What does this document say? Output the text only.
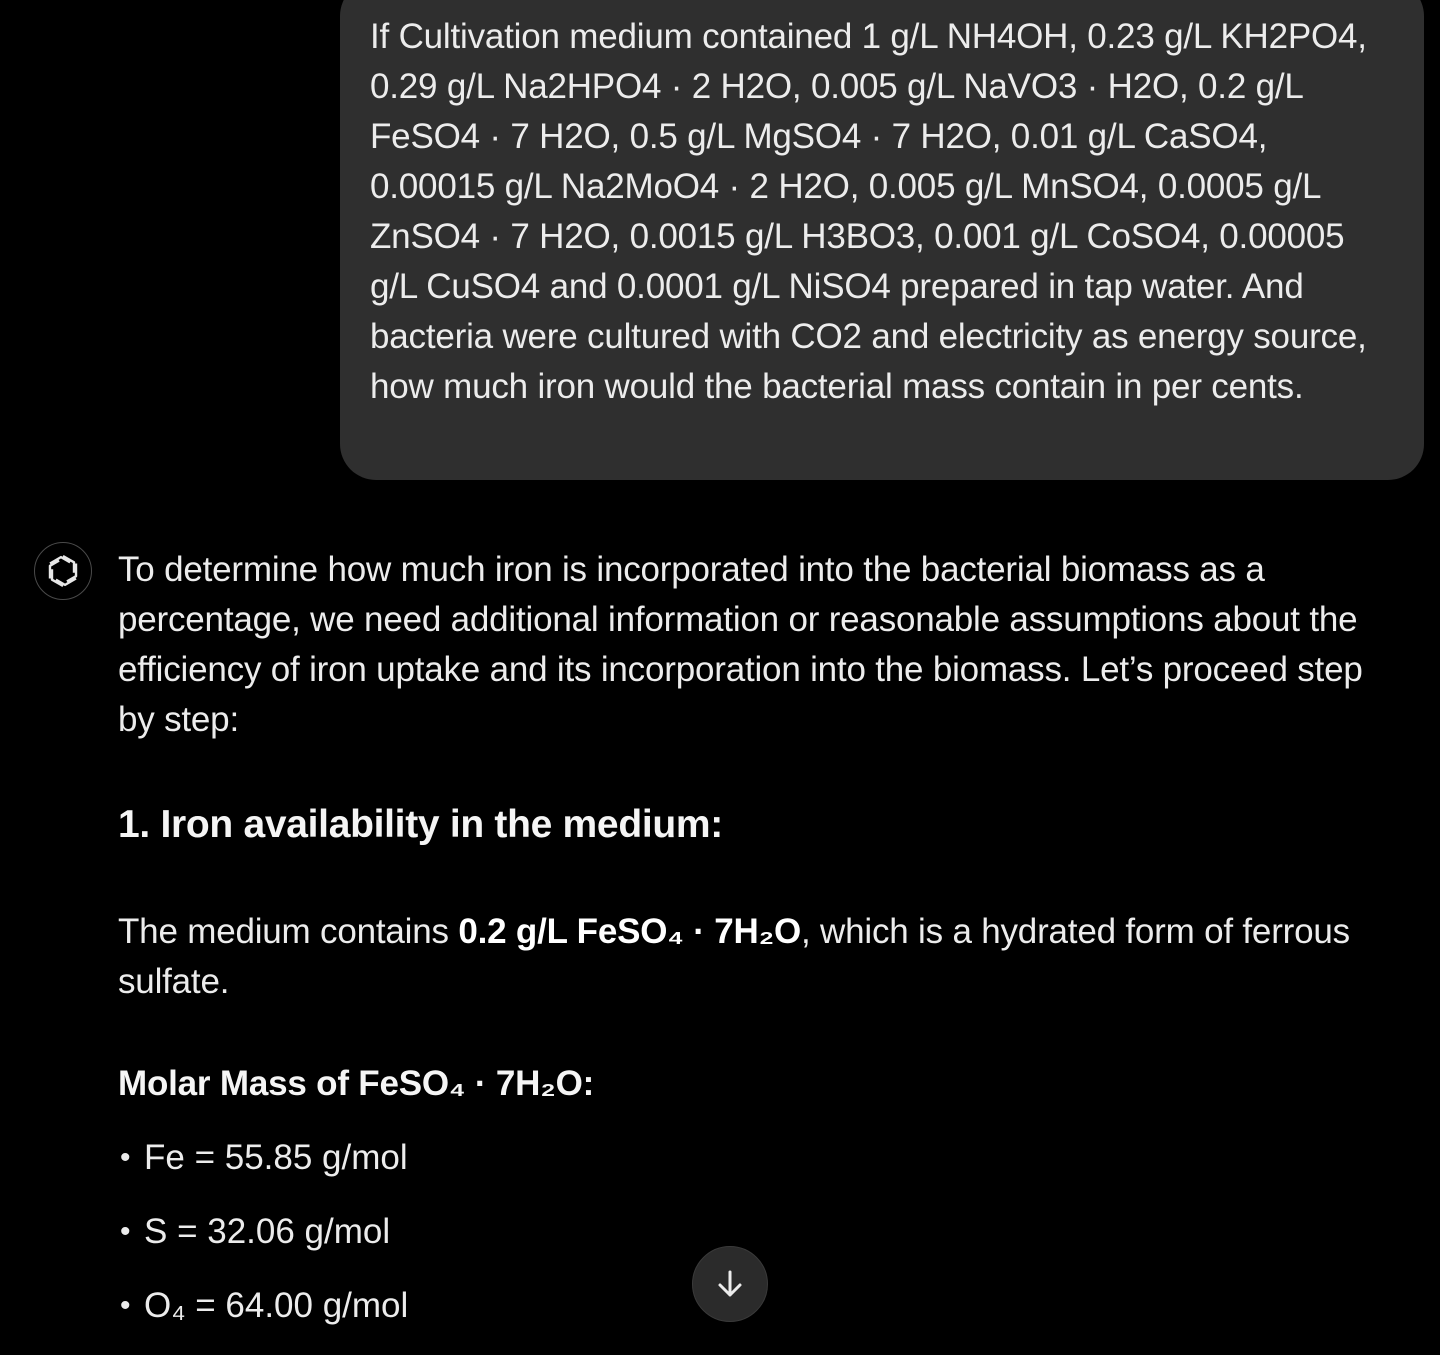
If Cultivation medium contained 1 g/L NH4OH, 0.23 g/L KH2PO4, 0.29 g/L Na2HPO4 · 2 H2O, 0.005 g/L NaVO3 · H2O, 0.2 g/L FeSO4 · 7 H2O, 0.5 g/L MgSO4 · 7 H2O, 0.01 g/L CaSO4, 0.00015 g/L Na2MoO4 · 2 H2O, 0.005 g/L MnSO4, 0.0005 g/L ZnSO4 · 7 H2O, 0.0015 g/L H3BO3, 0.001 g/L CoSO4, 0.00005 g/L CuSO4 and 0.0001 g/L NiSO4 prepared in tap water. And bacteria were cultured with CO2 and electricity as energy source, how much iron would the bacterial mass contain in per cents.

To determine how much iron is incorporated into the bacterial biomass as a percentage, we need additional information or reasonable assumptions about the efficiency of iron uptake and its incorporation into the biomass. Let’s proceed step by step:

1. Iron availability in the medium:

The medium contains 0.2 g/L FeSO₄ · 7H₂O, which is a hydrated form of ferrous sulfate.

Molar Mass of FeSO₄ · 7H₂O:

• Fe = 55.85 g/mol
• S = 32.06 g/mol
• O₄ = 64.00 g/mol
